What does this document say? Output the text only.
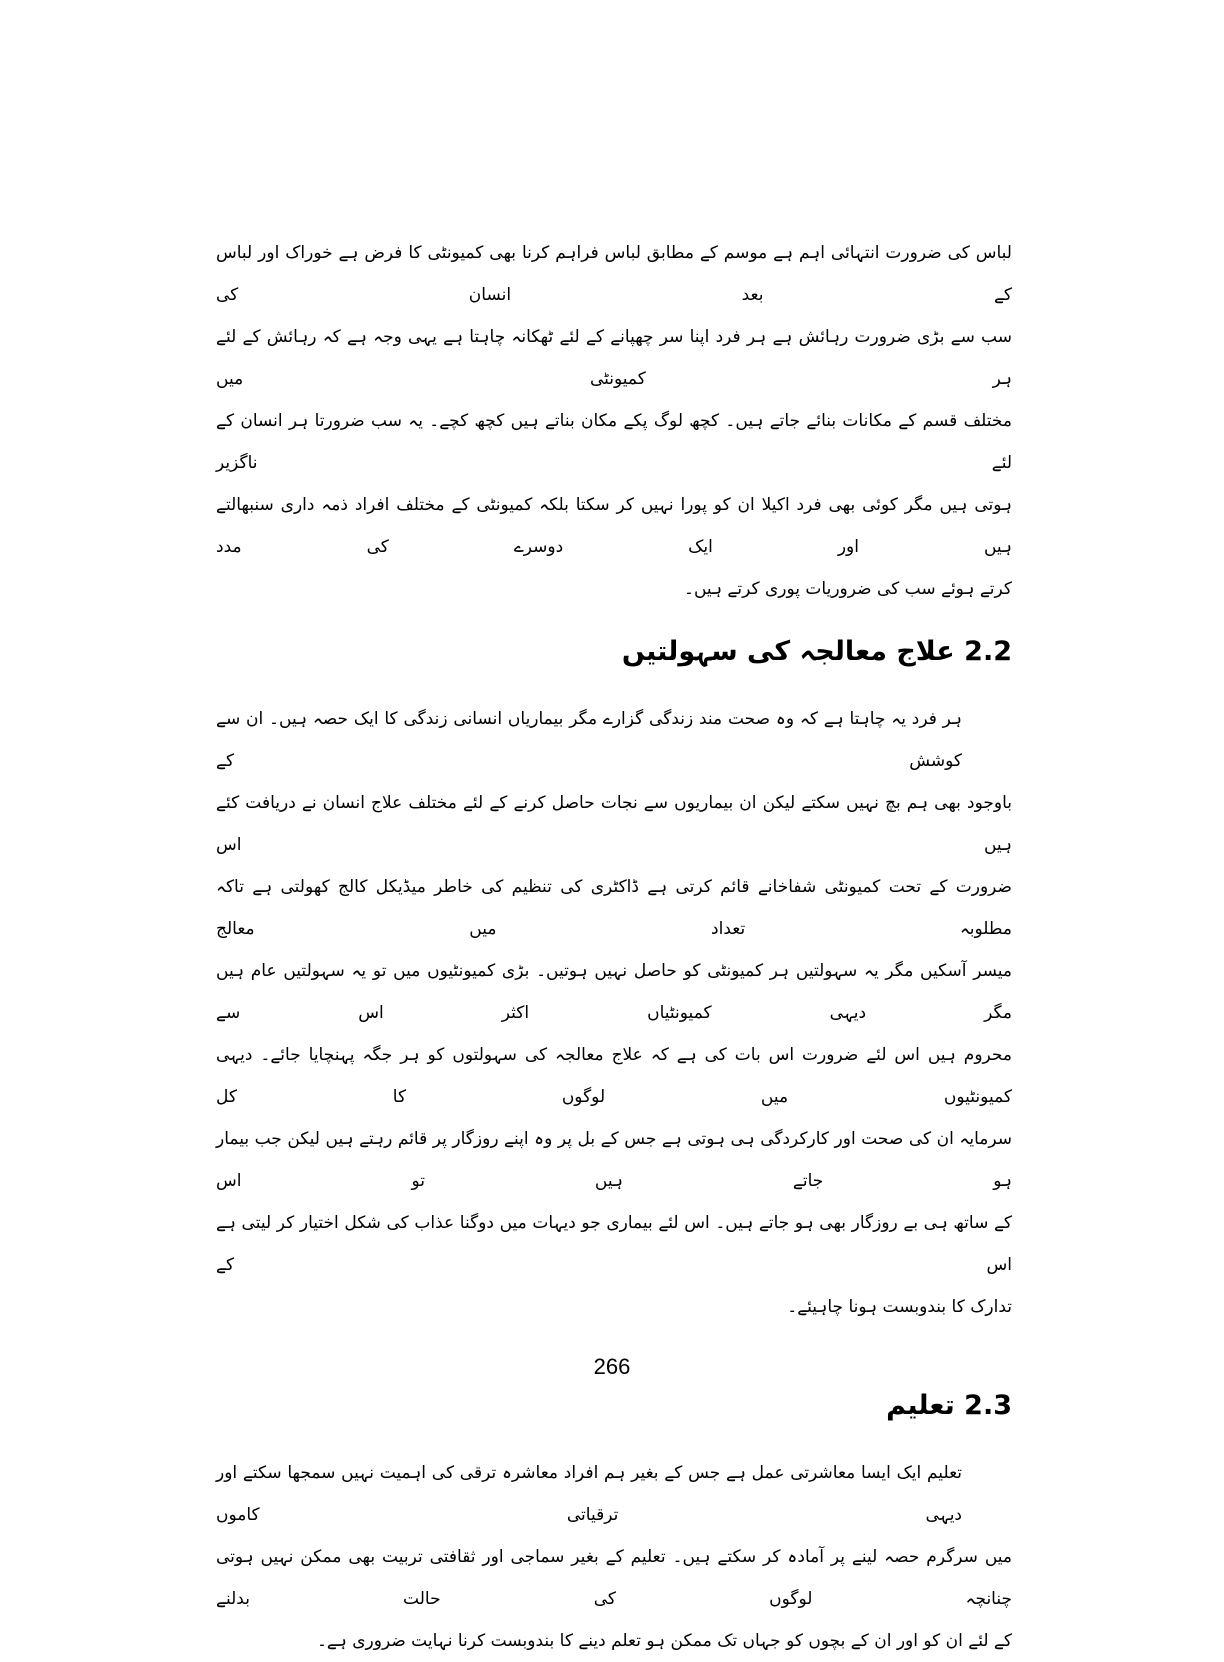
لباس کی ضرورت انتہائی اہم ہے موسم کے مطابق لباس فراہم کرنا بھی کمیونٹی کا فرض ہے خوراک اور لباس کے بعد انسان کی
سب سے بڑی ضرورت رہائش ہے ہر فرد اپنا سر چھپانے کے لئے ٹھکانہ چاہتا ہے یہی وجہ ہے کہ رہائش کے لئے ہر کمیونٹی میں
مختلف قسم کے مکانات بنائے جاتے ہیں۔ کچھ لوگ پکے مکان بناتے ہیں کچھ کچے۔ یہ سب ضرورتا ہر انسان کے لئے ناگزیر
ہوتی ہیں مگر کوئی بھی فرد اکیلا ان کو پورا نہیں کر سکتا بلکہ کمیونٹی کے مختلف افراد ذمہ داری سنبھالتے ہیں اور ایک دوسرے کی مدد
کرتے ہوئے سب کی ضروریات پوری کرتے ہیں۔
2.2 علاج معالجہ کی سہولتیں
ہر فرد یہ چاہتا ہے کہ وہ صحت مند زندگی گزارے مگر بیماریاں انسانی زندگی کا ایک حصہ ہیں۔ ان سے کوشش کے
باوجود بھی ہم بچ نہیں سکتے لیکن ان بیماریوں سے نجات حاصل کرنے کے لئے مختلف علاج انسان نے دریافت کئے ہیں اس
ضرورت کے تحت کمیونٹی شفاخانے قائم کرتی ہے ڈاکٹری کی تنظیم کی خاطر میڈیکل کالج کھولتی ہے تاکہ مطلوبہ تعداد میں معالج
میسر آسکیں مگر یہ سہولتیں ہر کمیونٹی کو حاصل نہیں ہوتیں۔ بڑی کمیونٹیوں میں تو یہ سہولتیں عام ہیں مگر دیہی کمیونٹیاں اکثر اس سے
محروم ہیں اس لئے ضرورت اس بات کی ہے کہ علاج معالجہ کی سہولتوں کو ہر جگہ پہنچایا جائے۔ دیہی کمیونٹیوں میں لوگوں کا کل
سرمایہ ان کی صحت اور کارکردگی ہی ہوتی ہے جس کے بل پر وہ اپنے روزگار پر قائم رہتے ہیں لیکن جب بیمار ہو جاتے ہیں تو اس
کے ساتھ ہی بے روزگار بھی ہو جاتے ہیں۔ اس لئے بیماری جو دیہات میں دوگنا عذاب کی شکل اختیار کر لیتی ہے اس کے
تدارک کا بندوبست ہونا چاہیئے۔
2.3 تعلیم
تعلیم ایک ایسا معاشرتی عمل ہے جس کے بغیر ہم افراد معاشرہ ترقی کی اہمیت نہیں سمجھا سکتے اور دیہی ترقیاتی کاموں
میں سرگرم حصہ لینے پر آمادہ کر سکتے ہیں۔ تعلیم کے بغیر سماجی اور ثقافتی تربیت بھی ممکن نہیں ہوتی چنانچہ لوگوں کی حالت بدلنے
کے لئے ان کو اور ان کے بچوں کو جہاں تک ممکن ہو تعلم دینے کا بندوبست کرنا نہایت ضروری ہے۔
266
